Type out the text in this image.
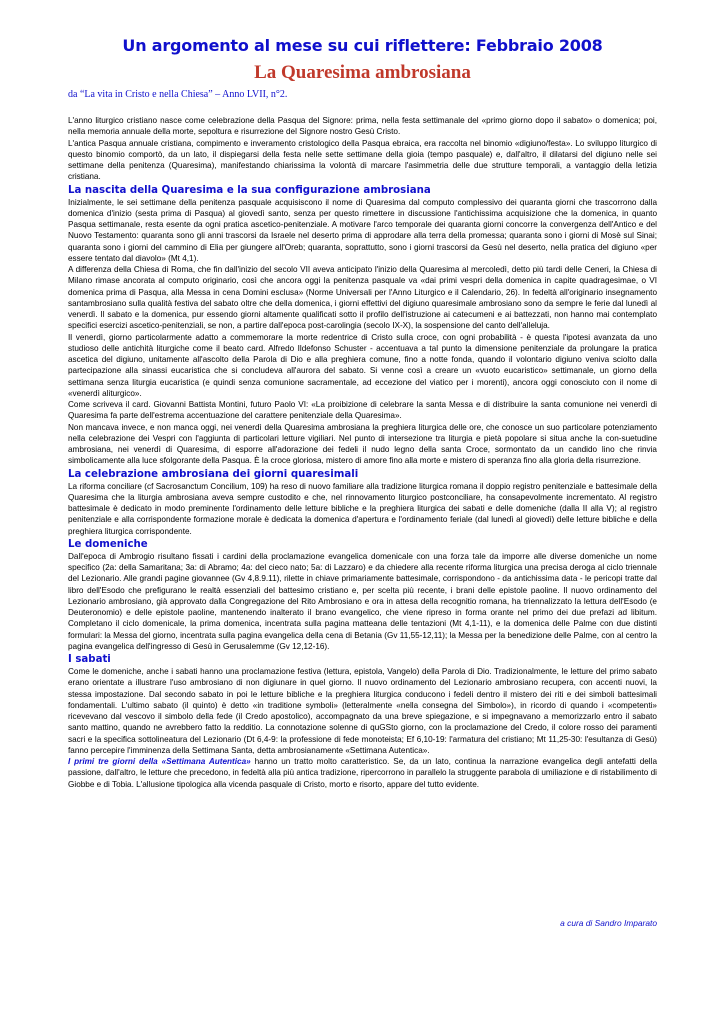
Un argomento al mese su cui riflettere: Febbraio 2008
La Quaresima ambrosiana

da “La vita in Cristo e nella Chiesa” – Anno LVII, n°2.

L'anno liturgico cristiano nasce come celebrazione della Pasqua del Signore: prima, nella festa settimanale del «primo giorno dopo il sabato» o domenica; poi, nella memoria annuale della morte, sepoltura e risurrezione del Signore nostro Gesù Cristo.

L'antica Pasqua annuale cristiana, compimento e inveramento cristologico della Pasqua ebraica, era raccolta nel binomio «digiuno/festa». Lo sviluppo liturgico di questo binomio comportò, da un lato, il dispiegarsi della festa nelle sette settimane della gioia (tempo pasquale) e, dall'altro, il dilatarsi del digiuno nelle sei settimane della penitenza (Quaresima), manifestando chiarissima la volontà di marcare l'asimmetria delle due strutture temporali, a vantaggio della letizia cristiana.

La nascita della Quaresima e la sua configurazione ambrosiana

Inizialmente, le sei settimane della penitenza pasquale acquisiscono il nome di Quaresima dal computo complessivo dei quaranta giorni che trascorrono dalla domenica d'inizio (sesta prima di Pasqua) al giovedì santo, senza per questo rimettere in discussione l'antichissima acquisizione che la domenica, in quanto Pasqua settimanale, resta esente da ogni pratica ascetico-penitenziale. A motivare l'arco temporale dei quaranta giorni concorre la convergenza dell'Antico e del Nuovo Testamento: quaranta sono gli anni trascorsi da Israele nel deserto prima di approdare alla terra della promessa; quaranta sono i giorni di Mosè sul Sinai; quaranta sono i giorni del cammino di Elia per giungere all'Oreb; quaranta, soprattutto, sono i giorni trascorsi da Gesù nel deserto, nella pratica del digiuno «per essere tentato dal diavolo» (Mt 4,1).

A differenza della Chiesa di Roma, che fin dall'inizio del secolo VII aveva anticipato l'inizio della Quaresima al mercoledì, detto più tardi delle Ceneri, la Chiesa di Milano rimase ancorata al computo originario, così che ancora oggi la penitenza pasquale va «dai primi vespri della domenica in capite quadragesimae, o VI domenica prima di Pasqua, alla Messa in cena Domini esclusa» (Norme Universali per l'Anno Liturgico e il Calendario, 26). In fedeltà all'originario insegnamento santambrosiano sulla qualità festiva del sabato oltre che della domenica, i giorni effettivi del digiuno quaresimale ambrosiano sono da sempre le ferie dal lunedì al venerdì. Il sabato e la domenica, pur essendo giorni altamente qualificati sotto il profilo dell'istruzione ai catecumeni e ai battezzati, non hanno mai contemplato specifici esercizi ascetico-penitenziali, se non, a partire dall'epoca post-carolingia (secolo IX-X), la sospensione del canto dell'alleluja.

Il venerdì, giorno particolarmente adatto a commemorare la morte redentrice di Cristo sulla croce, con ogni probabilità - è questa l'ipotesi avanzata da uno studioso delle antichità liturgiche come il beato card. Alfredo Ildefonso Schuster - accentuava a tal punto la dimensione penitenziale da prolungare la pratica ascetica del digiuno, unitamente all'ascolto della Parola di Dio e alla preghiera comune, fino a notte fonda, quando il volontario digiuno veniva sciolto dalla partecipazione alla sinassi eucaristica che si concludeva all'aurora del sabato. Si venne così a creare un «vuoto eucaristico» settimanale, un giorno della settimana senza liturgia eucaristica (e quindi senza comunione sacramentale, ad eccezione del viatico per i morenti), ancora oggi conosciuto con il nome di «venerdì aliturgico».

Come scriveva il card. Giovanni Battista Montini, futuro Paolo VI: «La proibizione di celebrare la santa Messa e di distribuire la santa comunione nei venerdì di Quaresima fa parte dell'estrema accentuazione del carattere penitenziale della Quaresima».

Non mancava invece, e non manca oggi, nei venerdì della Quaresima ambrosiana la preghiera liturgica delle ore, che conosce un suo particolare potenziamento nella celebrazione dei Vespri con l'aggiunta di particolari letture vigiliari. Nel punto di intersezione tra liturgia e pietà popolare si situa anche la con-suetudine ambrosiana, nei venerdì di Quaresima, di esporre all'adorazione dei fedeli il nudo legno della santa Croce, sormontato da un candido lino che rinvia simbolicamente alla luce sfolgorante della Pasqua. È la croce gloriosa, mistero di amore fino alla morte e mistero di speranza fino alla gloria della risurrezione.

La celebrazione ambrosiana dei giorni quaresimali

La riforma conciliare (cf Sacrosanctum Concilium, 109) ha reso di nuovo familiare alla tradizione liturgica romana il doppio registro penitenziale e battesimale della Quaresima che la liturgia ambrosiana aveva sempre custodito e che, nel rinnovamento liturgico postconciliare, ha consapevolmente incrementato. Al registro battesimale è dedicato in modo preminente l'ordinamento delle letture bibliche e la preghiera liturgica dei sabati e delle domeniche (dalla II alla V); al registro penitenziale e alla corrispondente formazione morale è dedicata la domenica d'apertura e l'ordinamento feriale (dal lunedì al giovedì) delle letture bibliche e della preghiera liturgica corrispondente.

Le domeniche

Dall'epoca di Ambrogio risultano fissati i cardini della proclamazione evangelica domenicale con una forza tale da imporre alle diverse domeniche un nome specifico (2a: della Samaritana; 3a: di Abramo; 4a: del cieco nato; 5a: di Lazzaro) e da chiedere alla recente riforma liturgica una precisa deroga al ciclo triennale del Lezionario. Alle grandi pagine giovannee (Gv 4,8.9.11), rilette in chiave primariamente battesimale, corrispondono - da antichissima data - le pericopi tratte dal libro dell'Esodo che prefigurano le realtà essenziali del battesimo cristiano e, per scelta più recente, i brani delle epistole paoline. Il nuovo ordinamento del Lezionario ambrosiano, già approvato dalla Congregazione del Rito Ambrosiano e ora in attesa della recognitio romana, ha triennalizzato la lettura dell'Esodo (e Deuteronomio) e delle epistole paoline, mantenendo inalterato il brano evangelico, che viene ripreso in forma orante nel primo dei due prefazi ad libitum. Completano il ciclo domenicale, la prima domenica, incentrata sulla pagina matteana delle tentazioni (Mt 4,1-11), e la domenica delle Palme con due distinti formulari: la Messa del giorno, incentrata sulla pagina evangelica della cena di Betania (Gv 11,55-12,11); la Messa per la benedizione delle Palme, con al centro la pagina evangelica dell'ingresso di Gesù in Gerusalemme (Gv 12,12-16).

I sabati

Come le domeniche, anche i sabati hanno una proclamazione festiva (lettura, epistola, Vangelo) della Parola di Dio. Tradizionalmente, le letture del primo sabato erano orientate a illustrare l'uso ambrosiano di non digiunare in quel giorno. Il nuovo ordinamento del Lezionario ambrosiano recupera, con accenti nuovi, la stessa impostazione. Dal secondo sabato in poi le letture bibliche e la preghiera liturgica conducono i fedeli dentro il mistero dei riti e dei simboli battesimali fondamentali. L'ultimo sabato (il quinto) è detto «in traditione symboli» (letteralmente «nella consegna del Simbolo»), in ricordo di quando i «competenti» ricevevano dal vescovo il simbolo della fede (il Credo apostolico), accompagnato da una breve spiegazione, e si impegnavano a memorizzarlo entro il sabato santo mattino, quando ne avrebbero fatto la redditio. La connotazione solenne di quGSto giorno, con la proclamazione del Credo, il colore rosso dei paramenti sacri e la specifica sottolineatura del Lezionario (Dt 6,4-9: la professione di fede monoteista; Ef 6,10-19: l'armatura del cristiano; Mt 11,25-30: l'esultanza di Gesù) fanno percepire l'imminenza della Settimana Santa, detta ambrosianamente «Settimana Autentica».

I primi tre giorni della «Settimana Autentica» hanno un tratto molto caratteristico. Se, da un lato, continua la narrazione evangelica degli antefatti della passione, dall'altro, le letture che precedono, in fedeltà alla più antica tradizione, ripercorrono in parallelo la struggente parabola di umiliazione e di ristabilimento di Giobbe e di Tobia. L'allusione tipologica alla vicenda pasquale di Cristo, morto e risorto, appare del tutto evidente.

a cura di Sandro Imparato
